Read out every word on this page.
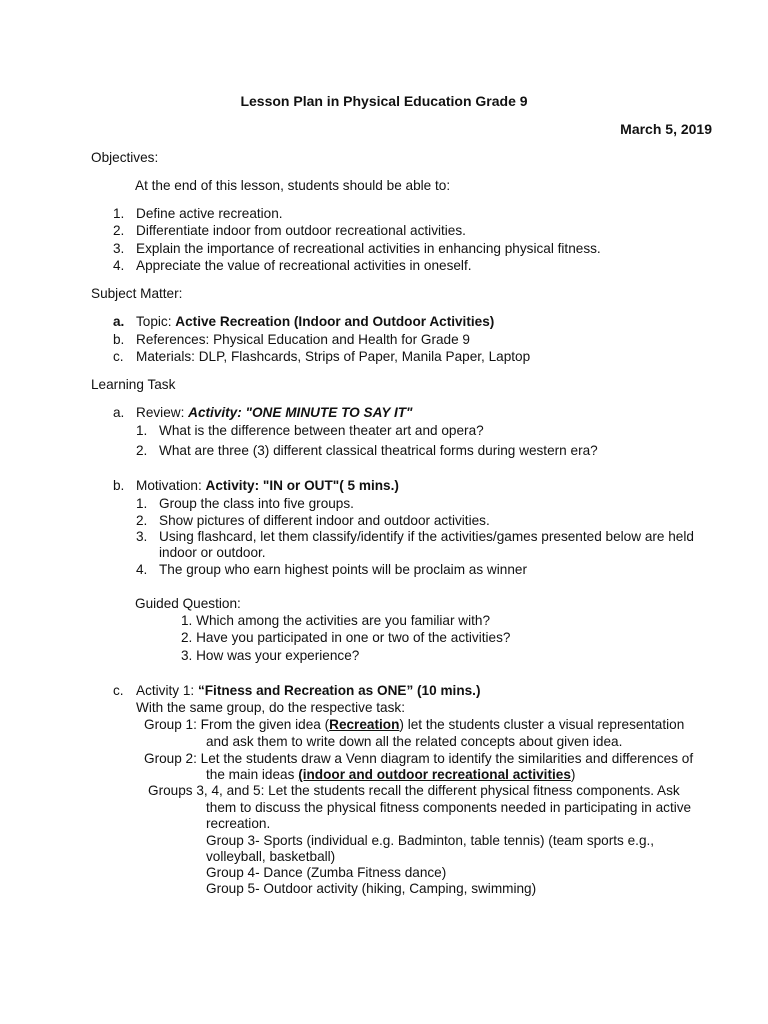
Lesson Plan in Physical Education Grade 9
March 5, 2019
Objectives:
At the end of this lesson, students should be able to:
1. Define active recreation.
2. Differentiate indoor from outdoor recreational activities.
3. Explain the importance of recreational activities in enhancing physical fitness.
4. Appreciate the value of recreational activities in oneself.
Subject Matter:
a. Topic: Active Recreation (Indoor and Outdoor Activities)
b. References: Physical Education and Health for Grade 9
c. Materials: DLP, Flashcards, Strips of Paper, Manila Paper, Laptop
Learning Task
a. Review: Activity: "ONE MINUTE TO SAY IT"
1. What is the difference between theater art and opera?
2. What are three (3) different classical theatrical forms during western era?
b. Motivation: Activity: "IN or OUT"( 5 mins.)
1. Group the class into five groups.
2. Show pictures of different indoor and outdoor activities.
3. Using flashcard, let them classify/identify if the activities/games presented below are held
indoor or outdoor.
4. The group who earn highest points will be proclaim as winner
Guided Question:
1. Which among the activities are you familiar with?
2. Have you participated in one or two of the activities?
3. How was your experience?
c. Activity 1: “Fitness and Recreation as ONE” (10 mins.)
With the same group, do the respective task:
Group 1: From the given idea (Recreation) let the students cluster a visual representation
and ask them to write down all the related concepts about given idea.
Group 2: Let the students draw a Venn diagram to identify the similarities and differences of
the main ideas (indoor and outdoor recreational activities)
Groups 3, 4, and 5: Let the students recall the different physical fitness components. Ask
them to discuss the physical fitness components needed in participating in active
recreation.
Group 3- Sports (individual e.g. Badminton, table tennis) (team sports e.g.,
volleyball, basketball)
Group 4- Dance (Zumba Fitness dance)
Group 5- Outdoor activity (hiking, Camping, swimming)
